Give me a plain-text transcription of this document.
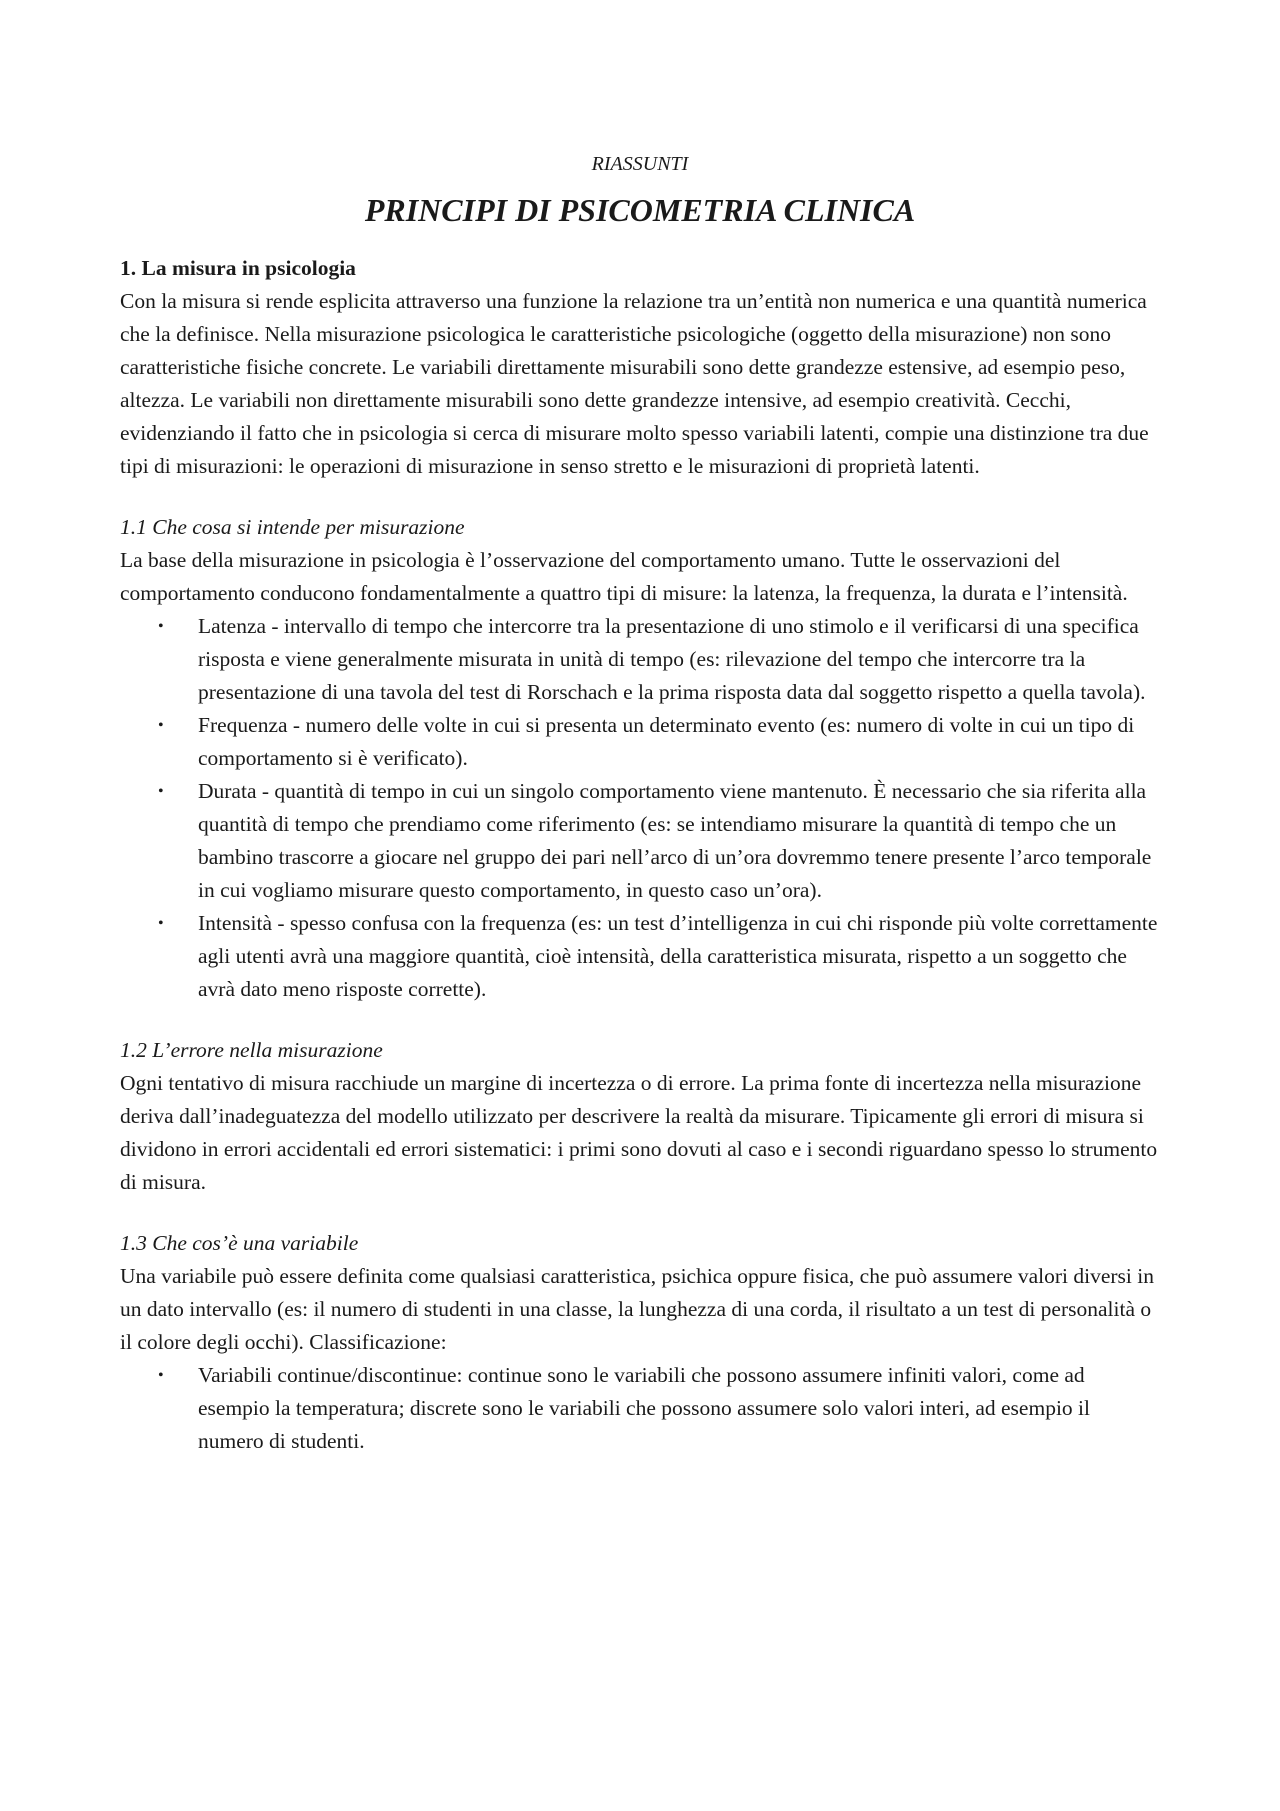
RIASSUNTI
PRINCIPI DI PSICOMETRIA CLINICA
1. La misura in psicologia

Con la misura si rende esplicita attraverso una funzione la relazione tra un’entità non numerica e una quantità numerica che la definisce. Nella misurazione psicologica le caratteristiche psicologiche (oggetto della misurazione) non sono caratteristiche fisiche concrete. Le variabili direttamente misurabili sono dette grandezze estensive, ad esempio peso, altezza. Le variabili non direttamente misurabili sono dette grandezze intensive, ad esempio creatività. Cecchi, evidenziando il fatto che in psicologia si cerca di misurare molto spesso variabili latenti, compie una distinzione tra due tipi di misurazioni: le operazioni di misurazione in senso stretto e le misurazioni di proprietà latenti.

1.1 Che cosa si intende per misurazione

La base della misurazione in psicologia è l’osservazione del comportamento umano. Tutte le osservazioni del comportamento conducono fondamentalmente a quattro tipi di misure: la latenza, la frequenza, la durata e l’intensità.

• Latenza - intervallo di tempo che intercorre tra la presentazione di uno stimolo e il verificarsi di una specifica risposta e viene generalmente misurata in unità di tempo (es: rilevazione del tempo che intercorre tra la presentazione di una tavola del test di Rorschach e la prima risposta data dal soggetto rispetto a quella tavola).
• Frequenza - numero delle volte in cui si presenta un determinato evento (es: numero di volte in cui un tipo di comportamento si è verificato).
• Durata - quantità di tempo in cui un singolo comportamento viene mantenuto. È necessario che sia riferita alla quantità di tempo che prendiamo come riferimento (es: se intendiamo misurare la quantità di tempo che un bambino trascorre a giocare nel gruppo dei pari nell’arco di un’ora dovremmo tenere presente l’arco temporale in cui vogliamo misurare questo comportamento, in questo caso un’ora).
• Intensità - spesso confusa con la frequenza (es: un test d’intelligenza in cui chi risponde più volte correttamente agli utenti avrà una maggiore quantità, cioè intensità, della caratteristica misurata, rispetto a un soggetto che avrà dato meno risposte corrette).
1.2 L’errore nella misurazione

Ogni tentativo di misura racchiude un margine di incertezza o di errore. La prima fonte di incertezza nella misurazione deriva dall’inadeguatezza del modello utilizzato per descrivere la realtà da misurare. Tipicamente gli errori di misura si dividono in errori accidentali ed errori sistematici: i primi sono dovuti al caso e i secondi riguardano spesso lo strumento di misura.

1.3 Che cos’è una variabile

Una variabile può essere definita come qualsiasi caratteristica, psichica oppure fisica, che può assumere valori diversi in un dato intervallo (es: il numero di studenti in una classe, la lunghezza di una corda, il risultato a un test di personalità o il colore degli occhi). Classificazione:

• Variabili continue/discontinue: continue sono le variabili che possono assumere infiniti valori, come ad esempio la temperatura; discrete sono le variabili che possono assumere solo valori interi, ad esempio il numero di studenti.
